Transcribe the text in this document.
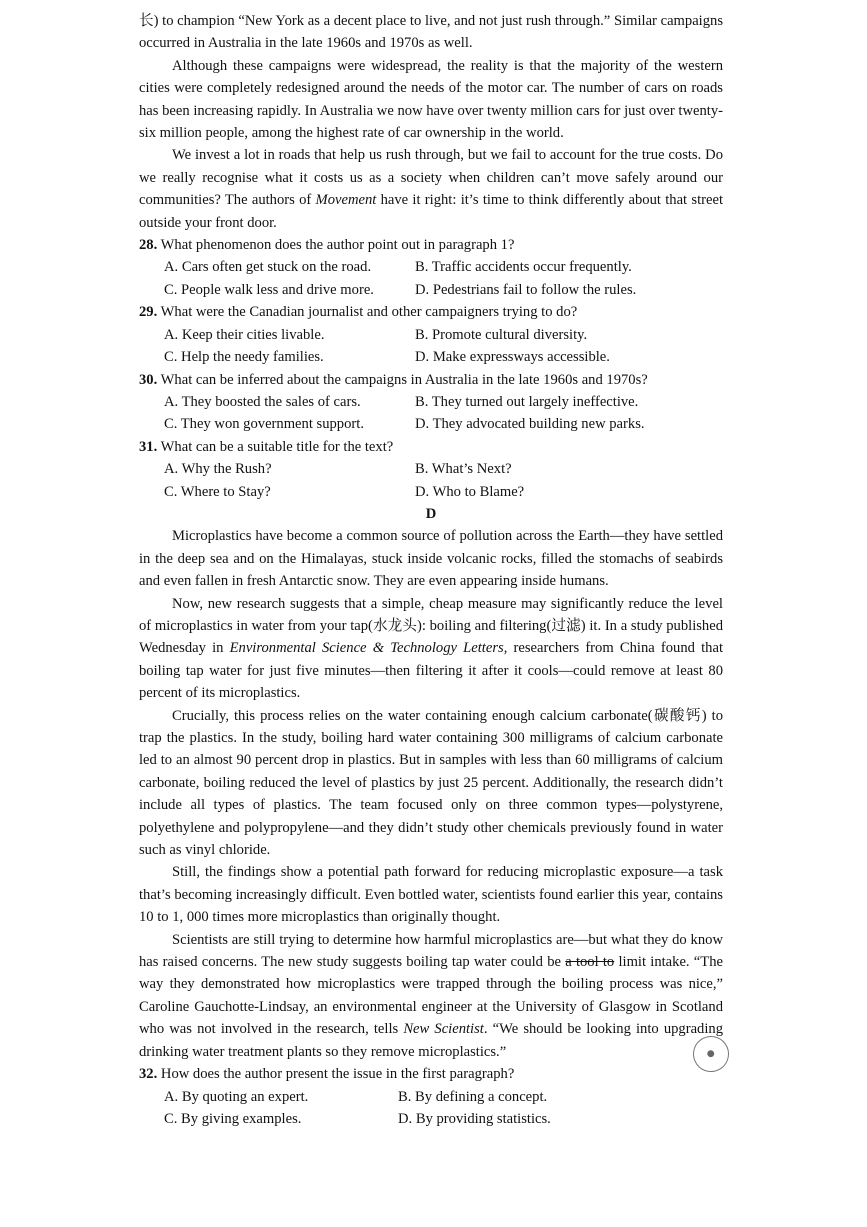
长) to champion “New York as a decent place to live, and not just rush through.” Similar campaigns occurred in Australia in the late 1960s and 1970s as well.

Although these campaigns were widespread, the reality is that the majority of the western cities were completely redesigned around the needs of the motor car. The number of cars on roads has been increasing rapidly. In Australia we now have over twenty million cars for just over twenty-six million people, among the highest rate of car ownership in the world.

We invest a lot in roads that help us rush through, but we fail to account for the true costs. Do we really recognise what it costs us as a society when children can’t move safely around our communities? The authors of Movement have it right: it’s time to think differently about that street outside your front door.

28. What phenomenon does the author point out in paragraph 1?

A. Cars often get stuck on the road.	B. Traffic accidents occur frequently.
C. People walk less and drive more.	D. Pedestrians fail to follow the rules.

29. What were the Canadian journalist and other campaigners trying to do?

A. Keep their cities livable.	B. Promote cultural diversity.
C. Help the needy families.	D. Make expressways accessible.

30. What can be inferred about the campaigns in Australia in the late 1960s and 1970s?

A. They boosted the sales of cars.	B. They turned out largely ineffective.
C. They won government support.	D. They advocated building new parks.

31. What can be a suitable title for the text?

A. Why the Rush?	B. What’s Next?
C. Where to Stay?	D. Who to Blame?

D

Microplastics have become a common source of pollution across the Earth—they have settled in the deep sea and on the Himalayas, stuck inside volcanic rocks, filled the stomachs of seabirds and even fallen in fresh Antarctic snow. They are even appearing inside humans.

Now, new research suggests that a simple, cheap measure may significantly reduce the level of microplastics in water from your tap(水龙头): boiling and filtering(过滤) it. In a study published Wednesday in Environmental Science & Technology Letters, researchers from China found that boiling tap water for just five minutes—then filtering it after it cools—could remove at least 80 percent of its microplastics.

Crucially, this process relies on the water containing enough calcium carbonate(碳酸钙) to trap the plastics. In the study, boiling hard water containing 300 milligrams of calcium carbonate led to an almost 90 percent drop in plastics. But in samples with less than 60 milligrams of calcium carbonate, boiling reduced the level of plastics by just 25 percent. Additionally, the research didn’t include all types of plastics. The team focused only on three common types—polystyrene, polyethylene and polypropylene—and they didn’t study other chemicals previously found in water such as vinyl chloride.

Still, the findings show a potential path forward for reducing microplastic exposure—a task that’s becoming increasingly difficult. Even bottled water, scientists found earlier this year, contains 10 to 1, 000 times more microplastics than originally thought.

Scientists are still trying to determine how harmful microplastics are—but what they do know has raised concerns. The new study suggests boiling tap water could be a tool to limit intake. “The way they demonstrated how microplastics were trapped through the boiling process was nice,” Caroline Gauchotte-Lindsay, an environmental engineer at the University of Glasgow in Scotland who was not involved in the research, tells New Scientist. “We should be looking into upgrading drinking water treatment plants so they remove microplastics.”

32. How does the author present the issue in the first paragraph?

A. By quoting an expert.	B. By defining a concept.
C. By giving examples.	D. By providing statistics.
●
